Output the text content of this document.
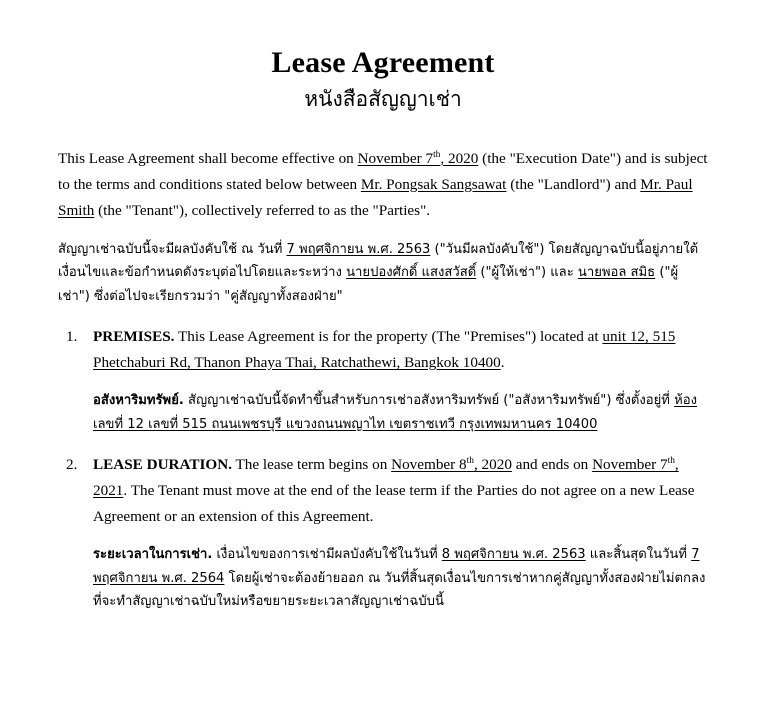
Lease Agreement
หนังสือสัญญาเช่า

This Lease Agreement shall become effective on November 7th, 2020 (the "Execution Date") and is subject to the terms and conditions stated below between Mr. Pongsak Sangsawat (the "Landlord") and Mr. Paul Smith (the "Tenant"), collectively referred to as the "Parties".

สัญญาเช่าฉบับนี้จะมีผลบังคับใช้ ณ วันที่ 7 พฤศจิกายน พ.ศ. 2563 ("วันมีผลบังคับใช้") โดยสัญญาฉบับนี้อยู่ภายใต้เงื่อนไขและข้อกำหนดดังระบุต่อไปโดยและระหว่าง นายปองศักดิ์ แสงสวัสดิ์ ("ผู้ให้เช่า") และ นายพอล สมิธ ("ผู้เช่า") ซึ่งต่อไปจะเรียกรวมว่า "คู่สัญญาทั้งสองฝ่าย"

1. PREMISES. This Lease Agreement is for the property (The "Premises") located at unit 12, 515 Phetchaburi Rd, Thanon Phaya Thai, Ratchathewi, Bangkok 10400.

อสังหาริมทรัพย์. สัญญาเช่าฉบับนี้จัดทำขึ้นสำหรับการเช่าอสังหาริมทรัพย์ ("อสังหาริมทรัพย์") ซึ่งตั้งอยู่ที่ ห้องเลขที่ 12 เลขที่ 515 ถนนเพชรบุรี แขวงถนนพญาไท เขตราชเทวี กรุงเทพมหานคร 10400

2. LEASE DURATION. The lease term begins on November 8th, 2020 and ends on November 7th, 2021. The Tenant must move at the end of the lease term if the Parties do not agree on a new Lease Agreement or an extension of this Agreement.

ระยะเวลาในการเช่า. เงื่อนไขของการเช่ามีผลบังคับใช้ในวันที่ 8 พฤศจิกายน พ.ศ. 2563 และสิ้นสุดในวันที่ 7 พฤศจิกายน พ.ศ. 2564 โดยผู้เช่าจะต้องย้ายออก ณ วันที่สิ้นสุดเงื่อนไขการเช่าหากคู่สัญญาทั้งสองฝ่ายไม่ตกลงที่จะทำสัญญาเช่าฉบับใหม่หรือขยายระยะเวลาสัญญาเช่าฉบับนี้
